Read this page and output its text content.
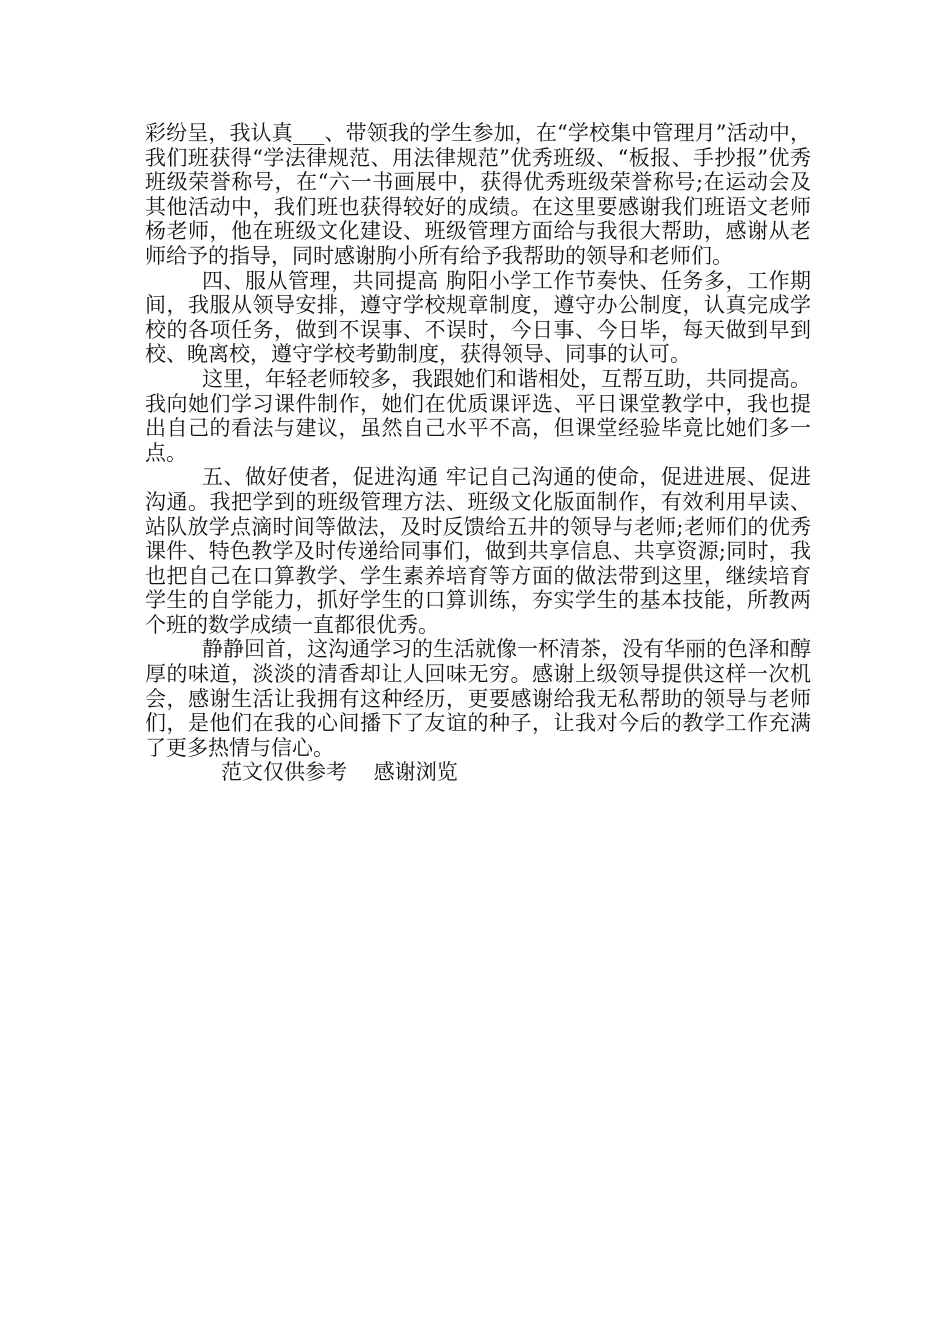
彩纷呈，我认真___、带领我的学生参加，在“学校集中管理月”活动中，我们班获得“学法律规范、用法律规范”优秀班级、“板报、手抄报”优秀班级荣誉称号，在“六一书画展中，获得优秀班级荣誉称号;在运动会及其他活动中，我们班也获得较好的成绩。在这里要感谢我们班语文老师杨老师，他在班级文化建设、班级管理方面给与我很大帮助，感谢从老师给予的指导，同时感谢朐小所有给予我帮助的领导和老师们。

四、服从管理，共同提高 朐阳小学工作节奏快、任务多，工作期间，我服从领导安排，遵守学校规章制度，遵守办公制度，认真完成学校的各项任务，做到不误事、不误时，今日事、今日毕，每天做到早到校、晚离校，遵守学校考勤制度，获得领导、同事的认可。

这里，年轻老师较多，我跟她们和谐相处，互帮互助，共同提高。我向她们学习课件制作，她们在优质课评选、平日课堂教学中，我也提出自己的看法与建议，虽然自己水平不高，但课堂经验毕竟比她们多一点。

五、做好使者，促进沟通 牢记自己沟通的使命，促进进展、促进沟通。我把学到的班级管理方法、班级文化版面制作，有效利用早读、站队放学点滴时间等做法，及时反馈给五井的领导与老师;老师们的优秀课件、特色教学及时传递给同事们，做到共享信息、共享资源;同时，我也把自己在口算教学、学生素养培育等方面的做法带到这里，继续培育学生的自学能力，抓好学生的口算训练，夯实学生的基本技能，所教两个班的数学成绩一直都很优秀。

静静回首，这沟通学习的生活就像一杯清茶，没有华丽的色泽和醇厚的味道，淡淡的清香却让人回味无穷。感谢上级领导提供这样一次机会，感谢生活让我拥有这种经历，更要感谢给我无私帮助的领导与老师们，是他们在我的心间播下了友谊的种子，让我对今后的教学工作充满了更多热情与信心。

范文仅供参考    感谢浏览
